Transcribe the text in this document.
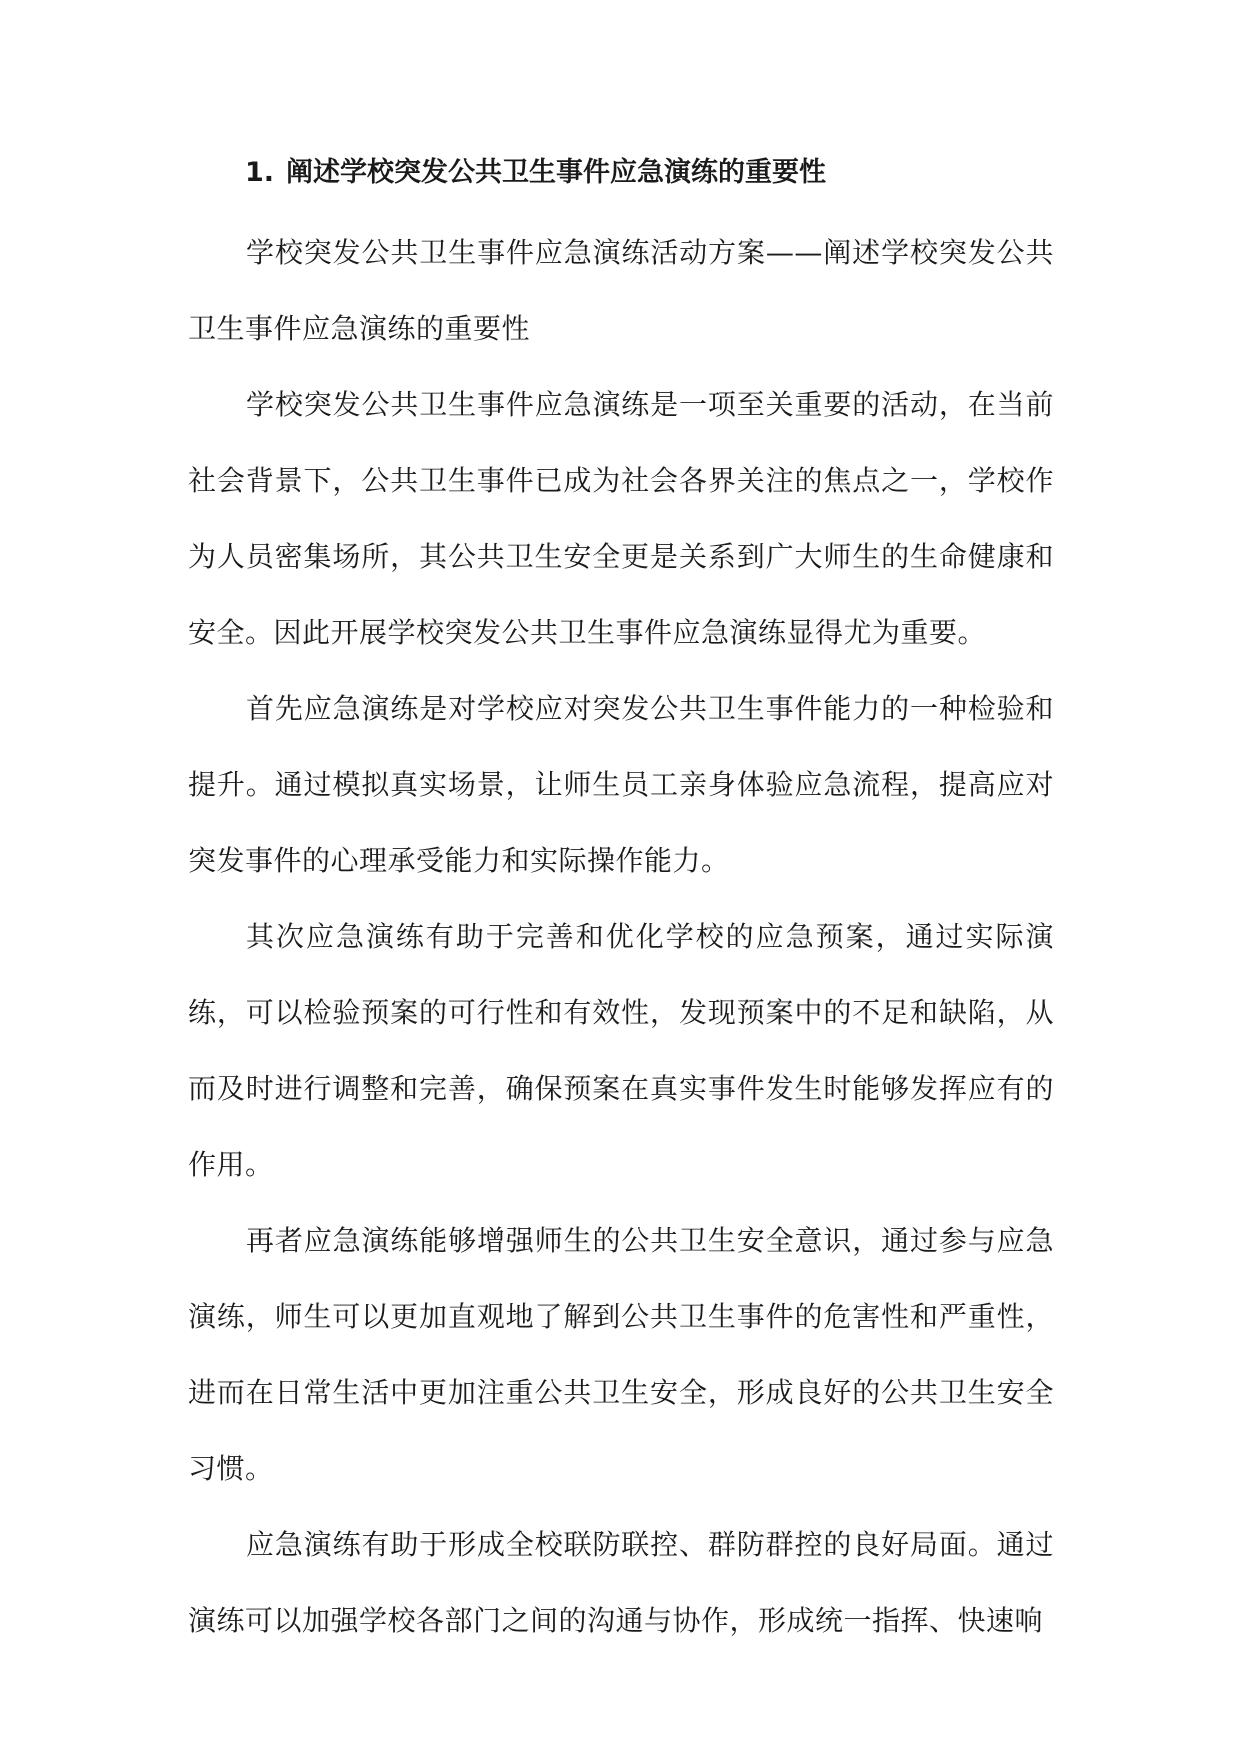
1. 阐述学校突发公共卫生事件应急演练的重要性

学校突发公共卫生事件应急演练活动方案——阐述学校突发公共卫生事件应急演练的重要性

学校突发公共卫生事件应急演练是一项至关重要的活动，在当前社会背景下，公共卫生事件已成为社会各界关注的焦点之一，学校作为人员密集场所，其公共卫生安全更是关系到广大师生的生命健康和安全。因此开展学校突发公共卫生事件应急演练显得尤为重要。

首先应急演练是对学校应对突发公共卫生事件能力的一种检验和提升。通过模拟真实场景，让师生员工亲身体验应急流程，提高应对突发事件的心理承受能力和实际操作能力。

其次应急演练有助于完善和优化学校的应急预案，通过实际演练，可以检验预案的可行性和有效性，发现预案中的不足和缺陷，从而及时进行调整和完善，确保预案在真实事件发生时能够发挥应有的作用。

再者应急演练能够增强师生的公共卫生安全意识，通过参与应急演练，师生可以更加直观地了解到公共卫生事件的危害性和严重性，进而在日常生活中更加注重公共卫生安全，形成良好的公共卫生安全习惯。

应急演练有助于形成全校联防联控、群防群控的良好局面。通过演练可以加强学校各部门之间的沟通与协作，形成统一指挥、快速响
